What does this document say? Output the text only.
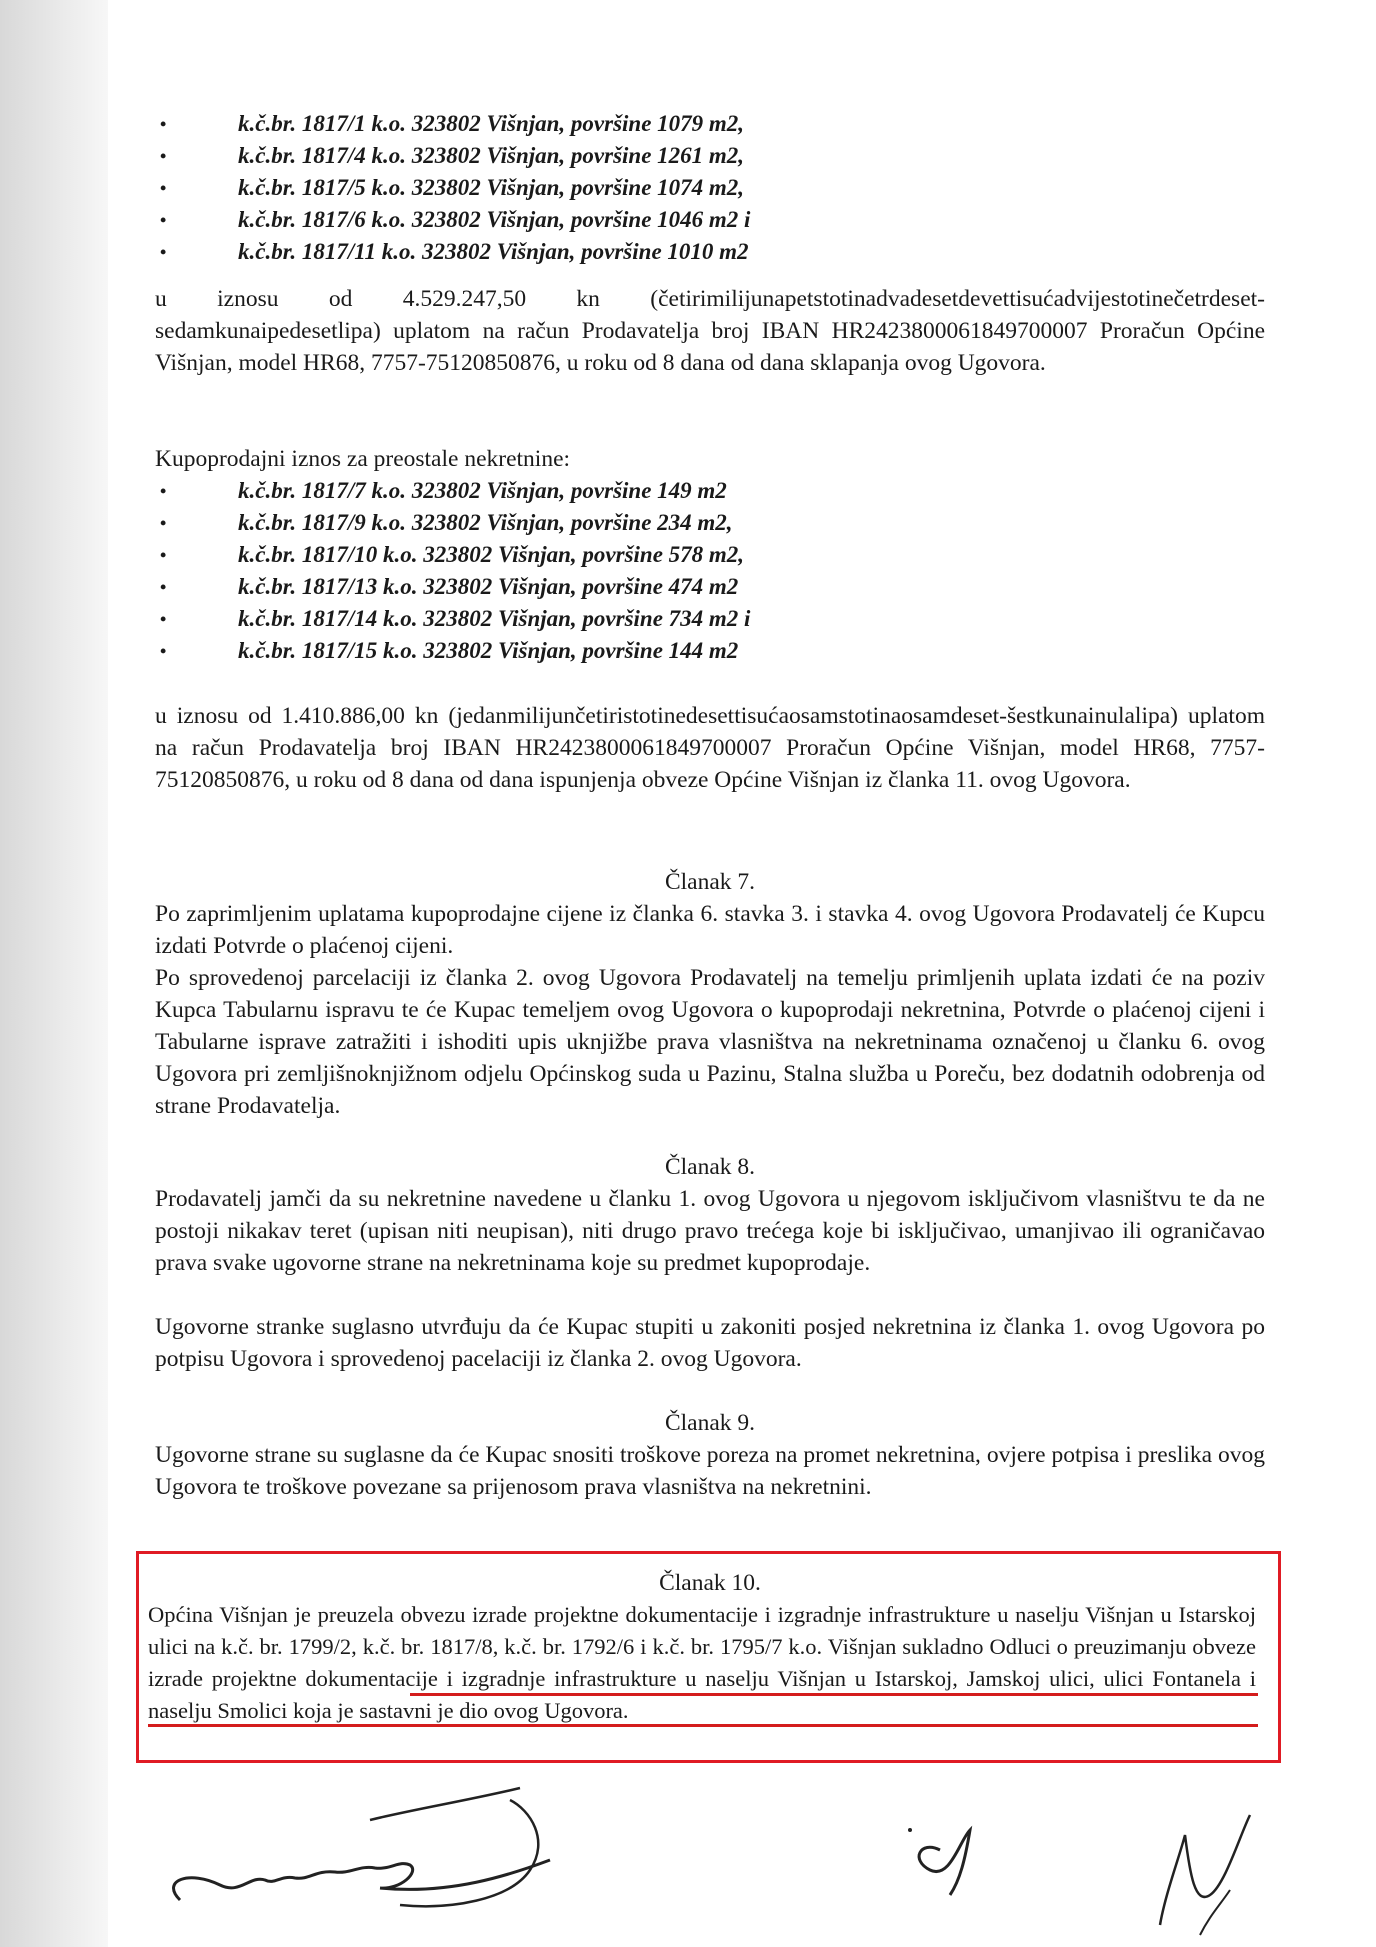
•	k.č.br. 1817/1 k.o. 323802 Višnjan, površine 1079 m2,
•	k.č.br. 1817/4 k.o. 323802 Višnjan, površine 1261 m2,
•	k.č.br. 1817/5 k.o. 323802 Višnjan, površine 1074 m2,
•	k.č.br. 1817/6 k.o. 323802 Višnjan, površine 1046 m2 i
•	k.č.br. 1817/11 k.o. 323802 Višnjan, površine 1010 m2
u iznosu od 4.529.247,50 kn (četirimilijunapetstotinadvadesetdevettisućadvijestotinečetrdeset-sedamkunaipedesetlipa) uplatom na račun Prodavatelja broj IBAN HR2423800061849700007 Proračun Općine Višnjan, model HR68, 7757-75120850876, u roku od 8 dana od dana sklapanja ovog Ugovora.
Kupoprodajni iznos za preostale nekretnine:
•	k.č.br. 1817/7 k.o. 323802 Višnjan, površine 149 m2
•	k.č.br. 1817/9 k.o. 323802 Višnjan, površine 234 m2,
•	k.č.br. 1817/10 k.o. 323802 Višnjan, površine 578 m2,
•	k.č.br. 1817/13 k.o. 323802 Višnjan, površine 474 m2
•	k.č.br. 1817/14 k.o. 323802 Višnjan, površine 734 m2 i
•	k.č.br. 1817/15 k.o. 323802 Višnjan, površine 144 m2
u iznosu od 1.410.886,00 kn (jedanmilijunčetiristotinedesettisućaosamstotinaosamdeset-šestkunainulalipa) uplatom na račun Prodavatelja broj IBAN HR2423800061849700007 Proračun Općine Višnjan, model HR68, 7757-75120850876, u roku od 8 dana od dana ispunjenja obveze Općine Višnjan iz članka 11. ovog Ugovora.
Članak 7.
Po zaprimljenim uplatama kupoprodajne cijene iz članka 6. stavka 3. i stavka 4. ovog Ugovora Prodavatelj će Kupcu izdati Potvrde o plaćenoj cijeni.
Po sprovedenoj parcelaciji iz članka 2. ovog Ugovora Prodavatelj na temelju primljenih uplata izdati će na poziv Kupca Tabularnu ispravu te će Kupac temeljem ovog Ugovora o kupoprodaji nekretnina, Potvrde o plaćenoj cijeni i Tabularne isprave zatražiti i ishoditi upis uknjižbe prava vlasništva na nekretninama označenoj u članku 6. ovog Ugovora pri zemljišnoknjižnom odjelu Općinskog suda u Pazinu, Stalna služba u Poreču, bez dodatnih odobrenja od strane Prodavatelja.
Članak 8.
Prodavatelj jamči da su nekretnine navedene u članku 1. ovog Ugovora u njegovom isključivom vlasništvu te da ne postoji nikakav teret (upisan niti neupisan), niti drugo pravo trećega koje bi isključivao, umanjivao ili ograničavao prava svake ugovorne strane na nekretninama koje su predmet kupoprodaje.
Ugovorne stranke suglasno utvrđuju da će Kupac stupiti u zakoniti posjed nekretnina iz članka 1. ovog Ugovora po potpisu Ugovora i sprovedenoj pacelaciji iz članka 2. ovog Ugovora.
Članak 9.
Ugovorne strane su suglasne da će Kupac snositi troškove poreza na promet nekretnina, ovjere potpisa i preslika ovog Ugovora te troškove povezane sa prijenosom prava vlasništva na nekretnini.
Članak 10.
Općina Višnjan je preuzela obvezu izrade projektne dokumentacije i izgradnje infrastrukture u naselju Višnjan u Istarskoj ulici na k.č. br. 1799/2, k.č. br. 1817/8, k.č. br. 1792/6 i k.č. br. 1795/7 k.o. Višnjan sukladno Odluci o preuzimanju obveze izrade projektne dokumentacije i izgradnje infrastrukture u naselju Višnjan u Istarskoj, Jamskoj ulici, ulici Fontanela i naselju Smolici koja je sastavni je dio ovog Ugovora.
